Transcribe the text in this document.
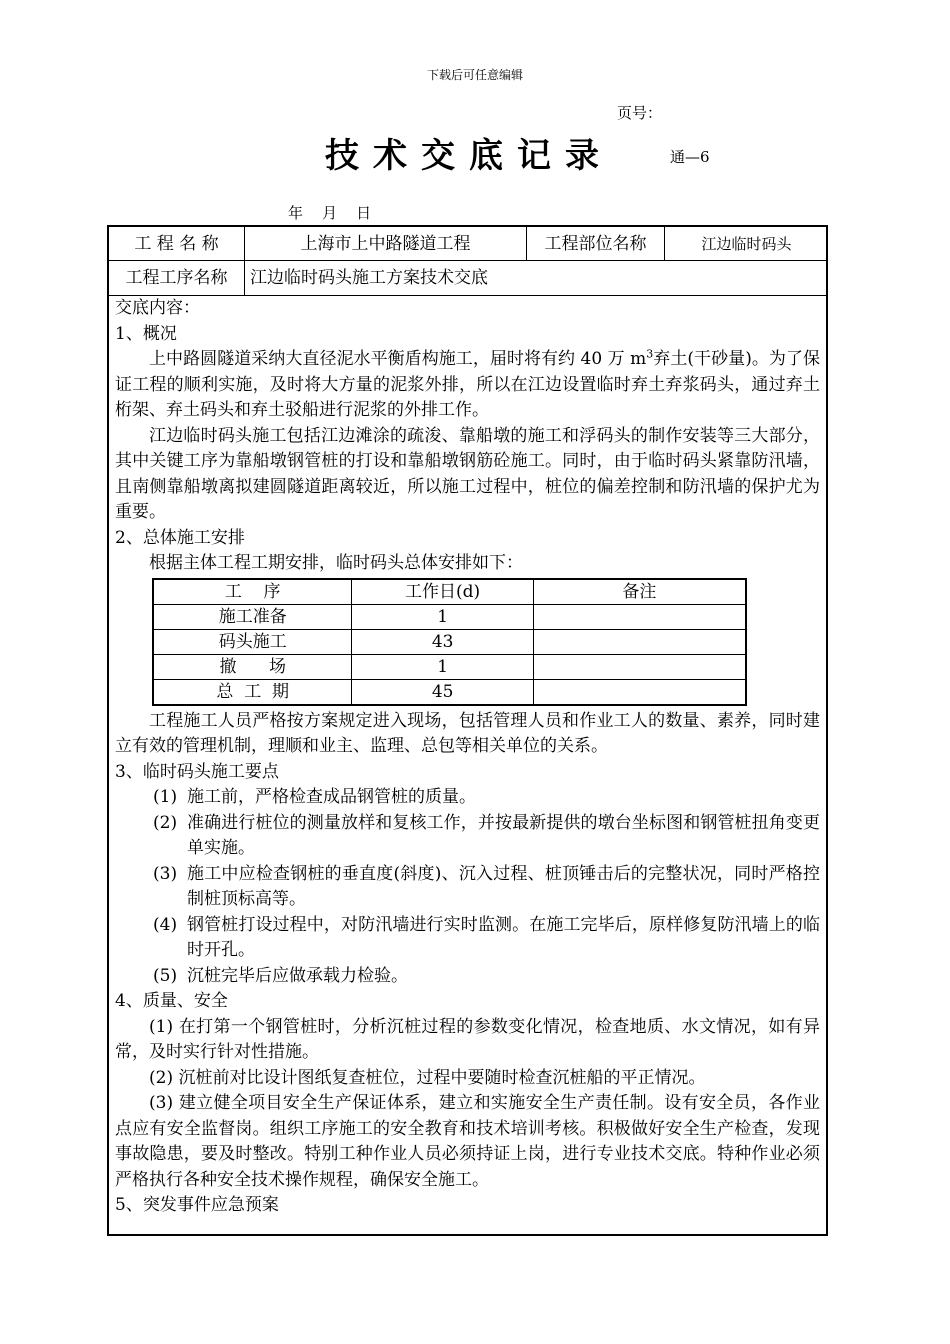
下载后可任意编辑
页号：
技术交底记录	通—6
年    月    日
工 程 名 称	上海市上中路隧道工程	工程部位名称	江边临时码头
工程工序名称	江边临时码头施工方案技术交底

交底内容：

1、概况

上中路圆隧道采纳大直径泥水平衡盾构施工，届时将有约 40 万 $m^3$弃土(干砂量)。为了保证工程的顺利实施，及时将大方量的泥浆外排，所以在江边设置临时弃土弃浆码头，通过弃土桁架、弃土码头和弃土驳船进行泥浆的外排工作。

江边临时码头施工包括江边滩涂的疏浚、靠船墩的施工和浮码头的制作安装等三大部分，其中关键工序为靠船墩钢管桩的打设和靠船墩钢筋砼施工。同时，由于临时码头紧靠防汛墙，且南侧靠船墩离拟建圆隧道距离较近，所以施工过程中，桩位的偏差控制和防汛墙的保护尤为重要。

2、总体施工安排

根据主体工程工期安排，临时码头总体安排如下：

工    序	工作日(d)	备注
施工准备	1	
码头施工	43	
撤      场	1	
总  工  期	45	

工程施工人员严格按方案规定进入现场，包括管理人员和作业工人的数量、素养，同时建立有效的管理机制，理顺和业主、监理、总包等相关单位的关系。

3、临时码头施工要点

(1) 施工前，严格检查成品钢管桩的质量。
(2) 准确进行桩位的测量放样和复核工作，并按最新提供的墩台坐标图和钢管桩扭角变更单实施。
(3) 施工中应检查钢桩的垂直度(斜度)、沉入过程、桩顶锤击后的完整状况，同时严格控制桩顶标高等。
(4) 钢管桩打设过程中，对防汛墙进行实时监测。在施工完毕后，原样修复防汛墙上的临时开孔。
(5) 沉桩完毕后应做承载力检验。

4、质量、安全

(1) 在打第一个钢管桩时，分析沉桩过程的参数变化情况，检查地质、水文情况，如有异常，及时实行针对性措施。

(2) 沉桩前对比设计图纸复查桩位，过程中要随时检查沉桩船的平正情况。

(3) 建立健全项目安全生产保证体系，建立和实施安全生产责任制。设有安全员，各作业点应有安全监督岗。组织工序施工的安全教育和技术培训考核。积极做好安全生产检查，发现事故隐患，要及时整改。特别工种作业人员必须持证上岗，进行专业技术交底。特种作业必须严格执行各种安全技术操作规程，确保安全施工。

5、突发事件应急预案
